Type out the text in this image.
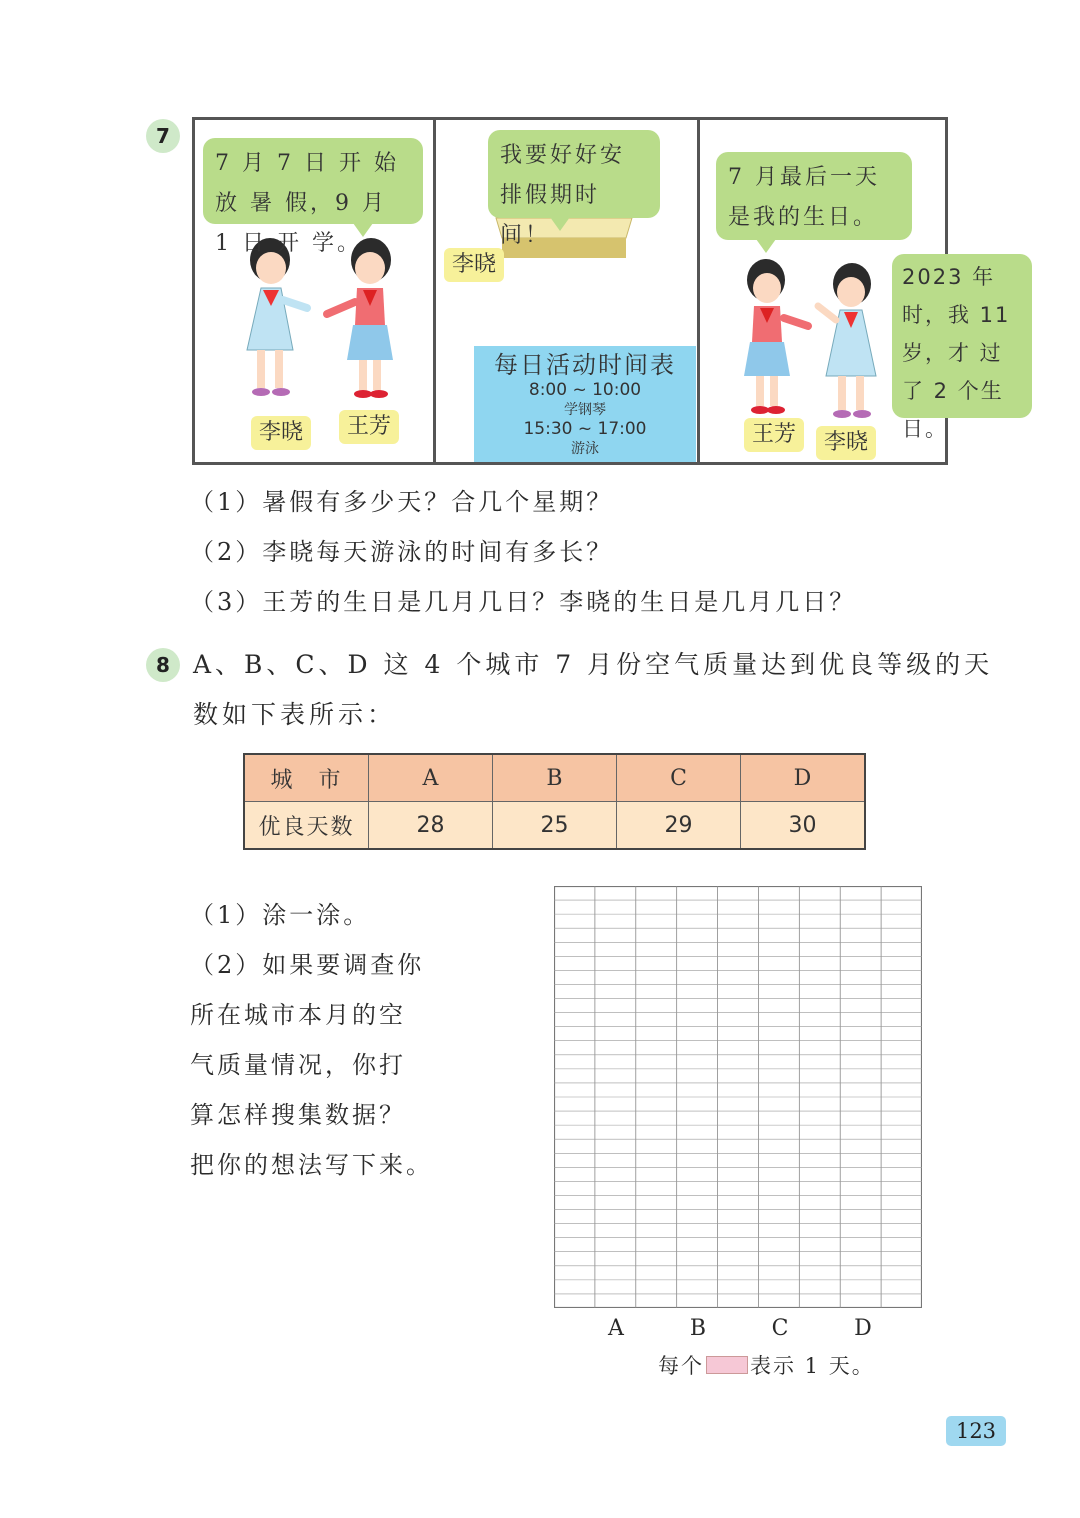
7
7 月 7 日 开 始 放 暑 假，9 月 1 日 开 学。
李晓	王芳
我要好好安排假期时间！
李晓
每日活动时间表
8:00 ~ 10:00
学钢琴
15:30 ~ 17:00
游泳
7 月最后一天是我的生日。
2023 年时，我 11 岁，才 过 了 2 个生日。
王芳	李晓
（1）暑假有多少天？合几个星期？
（2）李晓每天游泳的时间有多长？
（3）王芳的生日是几月几日？李晓的生日是几月几日？
8 A、B、C、D 这 4 个城市 7 月份空气质量达到优良等级的天
数如下表所示：
城　市	A	B	C	D
优良天数	28	25	29	30
（1）涂一涂。
（2）如果要调查你
所在城市本月的空
气质量情况，你打
算怎样搜集数据？
把你的想法写下来。
A	B	C	D
每个 表示 1 天。
123
